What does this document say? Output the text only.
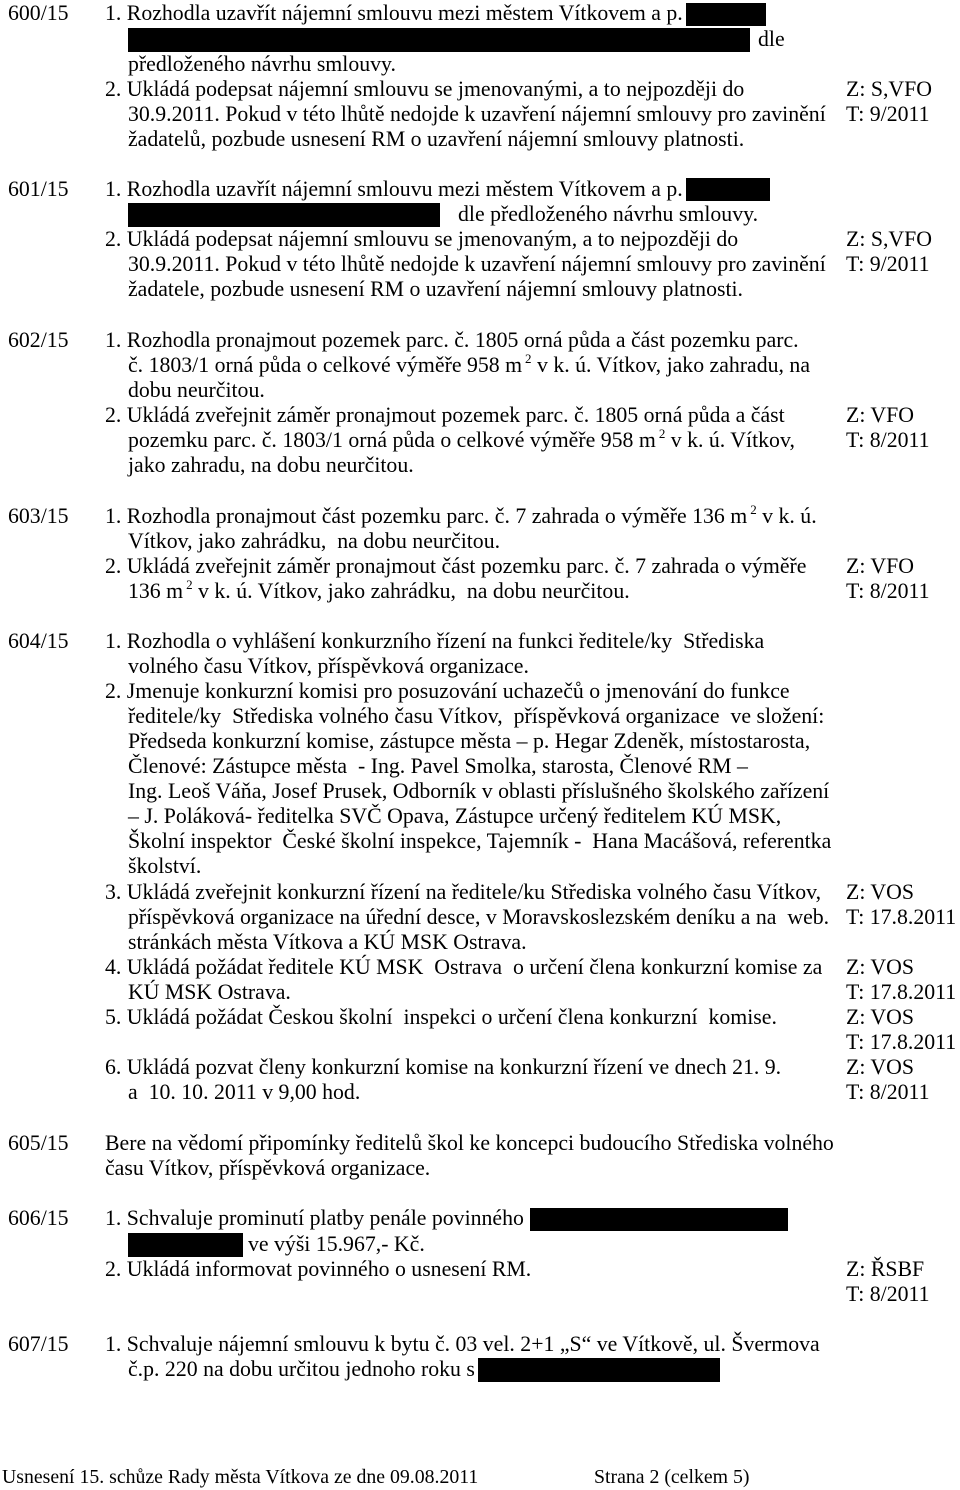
600/15 1. Rozhodla uzavřít nájemní smlouvu mezi městem Vítkovem a p.
dle
předloženého návrhu smlouvy.
2. Ukládá podepsat nájemní smlouvu se jmenovanými, a to nejpozději do	Z: S,VFO
30.9.2011. Pokud v této lhůtě nedojde k uzavření nájemní smlouvy pro zavinění T: 9/2011
žadatelů, pozbude usnesení RM o uzavření nájemní smlouvy platnosti.
601/15 1. Rozhodla uzavřít nájemní smlouvu mezi městem Vítkovem a p.
dle předloženého návrhu smlouvy.
2. Ukládá podepsat nájemní smlouvu se jmenovaným, a to nejpozději do	Z: S,VFO
30.9.2011. Pokud v této lhůtě nedojde k uzavření nájemní smlouvy pro zavinění T: 9/2011
žadatele, pozbude usnesení RM o uzavření nájemní smlouvy platnosti.
602/15 1. Rozhodla pronajmout pozemek parc. č. 1805 orná půda a část pozemku parc.
č. 1803/1 orná půda o celkové výměře 958 m $^2$ v k. ú. Vítkov, jako zahradu, na
dobu neurčitou.
2. Ukládá zveřejnit záměr pronajmout pozemek parc. č. 1805 orná půda a část	Z: VFO
pozemku parc. č. 1803/1 orná půda o celkové výměře 958 m $^2$ v k. ú. Vítkov, T: 8/2011
jako zahradu, na dobu neurčitou.
603/15 1. Rozhodla pronajmout část pozemku parc. č. 7 zahrada o výměře 136 m $^2$ v k. ú.
Vítkov, jako zahrádku,  na dobu neurčitou.
2. Ukládá zveřejnit záměr pronajmout část pozemku parc. č. 7 zahrada o výměře Z: VFO
136 m $^2$ v k. ú. Vítkov, jako zahrádku,  na dobu neurčitou.	T: 8/2011
604/15 1. Rozhodla o vyhlášení konkurzního řízení na funkci ředitele/ky  Střediska
volného času Vítkov, příspěvková organizace.
2. Jmenuje konkurzní komisi pro posuzování uchazečů o jmenování do funkce
ředitele/ky  Střediska volného času Vítkov,  příspěvková organizace  ve složení:
Předseda konkurzní komise, zástupce města – p. Hegar Zdeněk, místostarosta,
Členové: Zástupce města  - Ing. Pavel Smolka, starosta, Členové RM –
Ing. Leoš Váňa, Josef Prusek, Odborník v oblasti příslušného školského zařízení
– J. Poláková- ředitelka SVČ Opava, Zástupce určený ředitelem KÚ MSK,
Školní inspektor  České školní inspekce, Tajemník -  Hana Macášová, referentka
školství.
3. Ukládá zveřejnit konkurzní řízení na ředitele/ku Střediska volného času Vítkov, Z: VOS
příspěvková organizace na úřední desce, v Moravskoslezském deníku a na  web. T: 17.8.2011
stránkách města Vítkova a KÚ MSK Ostrava.
4. Ukládá požádat ředitele KÚ MSK  Ostrava  o určení člena konkurzní komise za Z: VOS
KÚ MSK Ostrava.	T: 17.8.2011
5. Ukládá požádat Českou školní  inspekci o určení člena konkurzní  komise.	Z: VOS
T: 17.8.2011
6. Ukládá pozvat členy konkurzní komise na konkurzní řízení ve dnech 21. 9.	Z: VOS
a  10. 10. 2011 v 9,00 hod.	T: 8/2011
605/15 Bere na vědomí připomínky ředitelů škol ke koncepci budoucího Střediska volného
času Vítkov, příspěvková organizace.
606/15 1. Schvaluje prominutí platby penále povinného
ve výši 15.967,- Kč.
2. Ukládá informovat povinného o usnesení RM.	Z: ŘSBF
T: 8/2011
607/15 1. Schvaluje nájemní smlouvu k bytu č. 03 vel. 2+1 „S“ ve Vítkově, ul. Švermova
č.p. 220 na dobu určitou jednoho roku s
Usnesení 15. schůze Rady města Vítkova ze dne 09.08.2011	Strana 2 (celkem 5)
